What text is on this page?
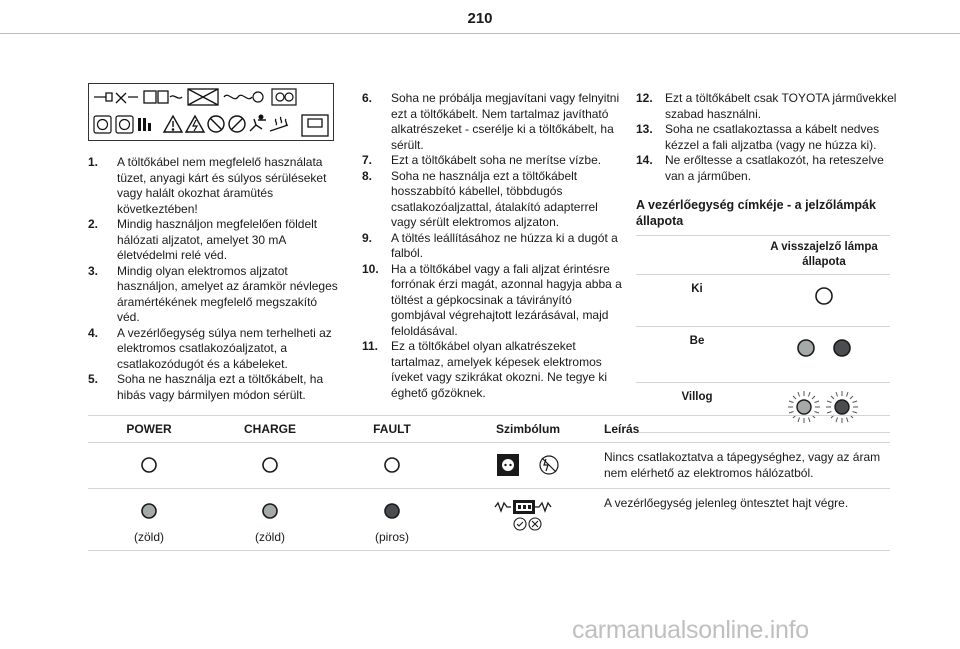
210
1. A töltőkábel nem megfelelő használata tüzet, anyagi kárt és súlyos sérüléseket vagy halált okozhat áramütés következtében!
2. Mindig használjon megfelelően földelt hálózati aljzatot, amelyet 30 mA életvédelmi relé véd.
3. Mindig olyan elektromos aljzatot használjon, amelyet az áramkör névleges áramértékének megfelelő megszakító véd.
4. A vezérlőegység súlya nem terhelheti az elektromos csatlakozóaljzatot, a csatlakozódugót és a kábeleket.
5. Soha ne használja ezt a töltőkábelt, ha hibás vagy bármilyen módon sérült.
6. Soha ne próbálja megjavítani vagy felnyitni ezt a töltőkábelt. Nem tartalmaz javítható alkatrészeket - cserélje ki a töltőkábelt, ha sérült.
7. Ezt a töltőkábelt soha ne merítse vízbe.
8. Soha ne használja ezt a töltőkábelt hosszabbító kábellel, többdugós csatlakozóaljzattal, átalakító adapterrel vagy sérült elektromos aljzaton.
9. A töltés leállításához ne húzza ki a dugót a falból.
10. Ha a töltőkábel vagy a fali aljzat érintésre forrónak érzi magát, azonnal hagyja abba a töltést a gépkocsinak a távirányító gombjával végrehajtott lezárásával, majd feloldásával.
11. Ez a töltőkábel olyan alkatrészeket tartalmaz, amelyek képesek elektromos íveket vagy szikrákat okozni. Ne tegye ki éghető gőzöknek.
12. Ezt a töltőkábelt csak TOYOTA járművekkel szabad használni.
13. Soha ne csatlakoztassa a kábelt nedves kézzel a fali aljzatba (vagy ne húzza ki).
14. Ne erőltesse a csatlakozót, ha reteszelve van a járműben.
A vezérlőegység címkéje - a jelzőlámpák állapota
	A visszajelző lámpa állapota
Ki	
Be	
Villog	
POWER	CHARGE	FAULT	Szimbólum	Leírás
				Nincs csatlakoztatva a tápegységhez, vagy az áram nem elérhető az elektromos hálózatból.

(zöld)	(zöld)	(piros)		A vezérlőegység jelenleg öntesztet hajt végre.
carmanualsonline.info
